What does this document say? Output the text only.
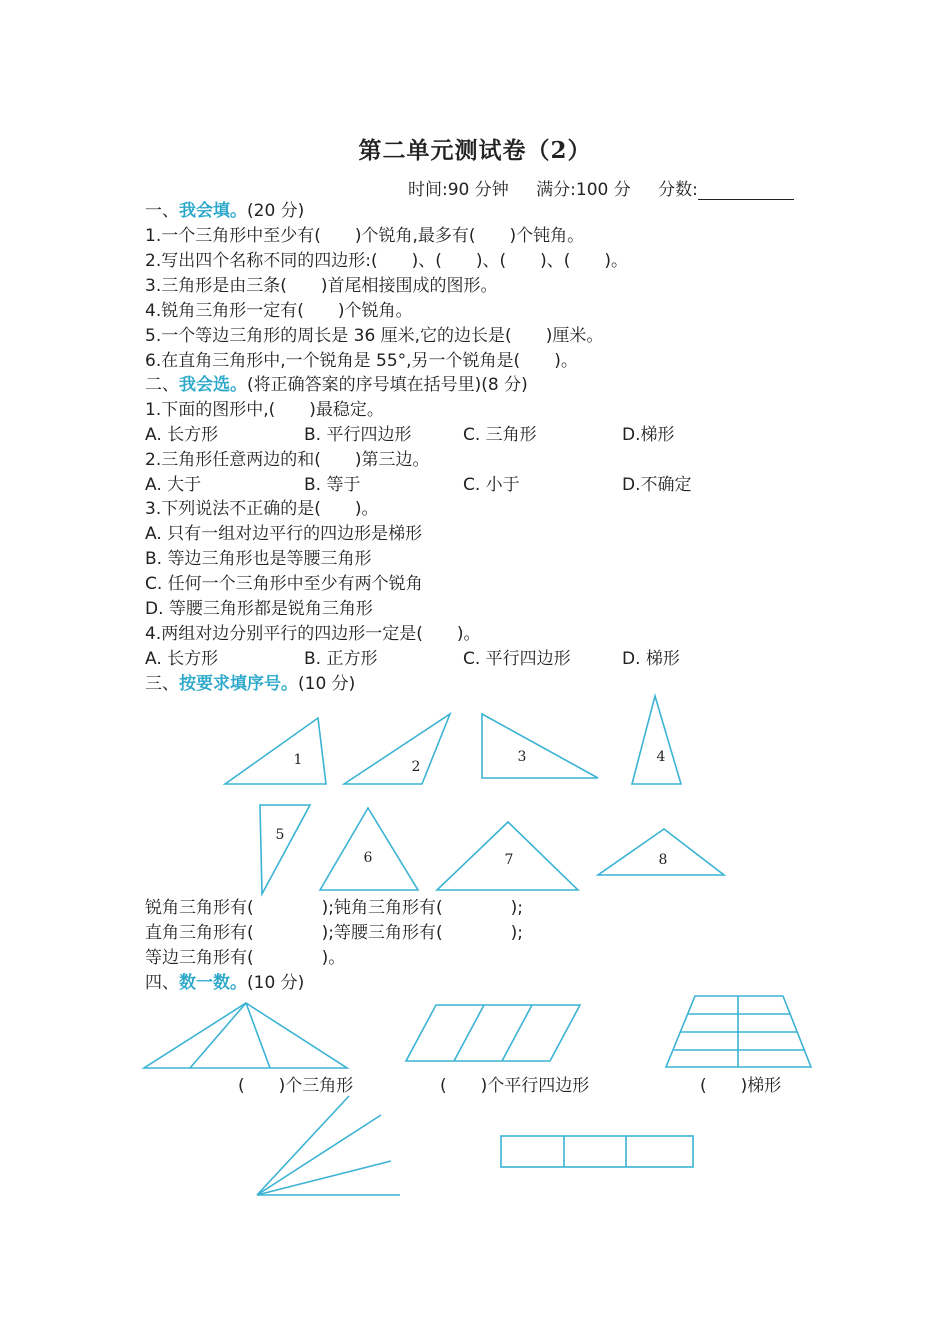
第二单元测试卷（2）
时间:90 分钟 满分:100 分 分数:
一、我会填。(20 分)
1.一个三角形中至少有(　　)个锐角,最多有(　　)个钝角。
2.写出四个名称不同的四边形:(　　)、(　　)、(　　)、(　　)。
3.三角形是由三条(　　)首尾相接围成的图形。
4.锐角三角形一定有(　　)个锐角。
5.一个等边三角形的周长是 36 厘米,它的边长是(　　)厘米。
6.在直角三角形中,一个锐角是 55°,另一个锐角是(　　)。
二、我会选。(将正确答案的序号填在括号里)(8 分)
1.下面的图形中,(　　)最稳定。
A. 长方形	B. 平行四边形	C. 三角形	D.梯形
2.三角形任意两边的和(　　)第三边。
A. 大于	B. 等于	C. 小于	D.不确定
3.下列说法不正确的是(　　)。
A. 只有一组对边平行的四边形是梯形
B. 等边三角形也是等腰三角形
C. 任何一个三角形中至少有两个锐角
D. 等腰三角形都是锐角三角形
4.两组对边分别平行的四边形一定是(　　)。
A. 长方形	B. 正方形	C. 平行四边形	D. 梯形
三、按要求填序号。(10 分)
1	2
3	4
5
6	7	8
锐角三角形有(　　　　);钝角三角形有(　　　　);
直角三角形有(　　　　);等腰三角形有(　　　　);
等边三角形有(　　　　)。
四、数一数。(10 分)
(　　)个三角形	(　　)个平行四边形	(　　)梯形
